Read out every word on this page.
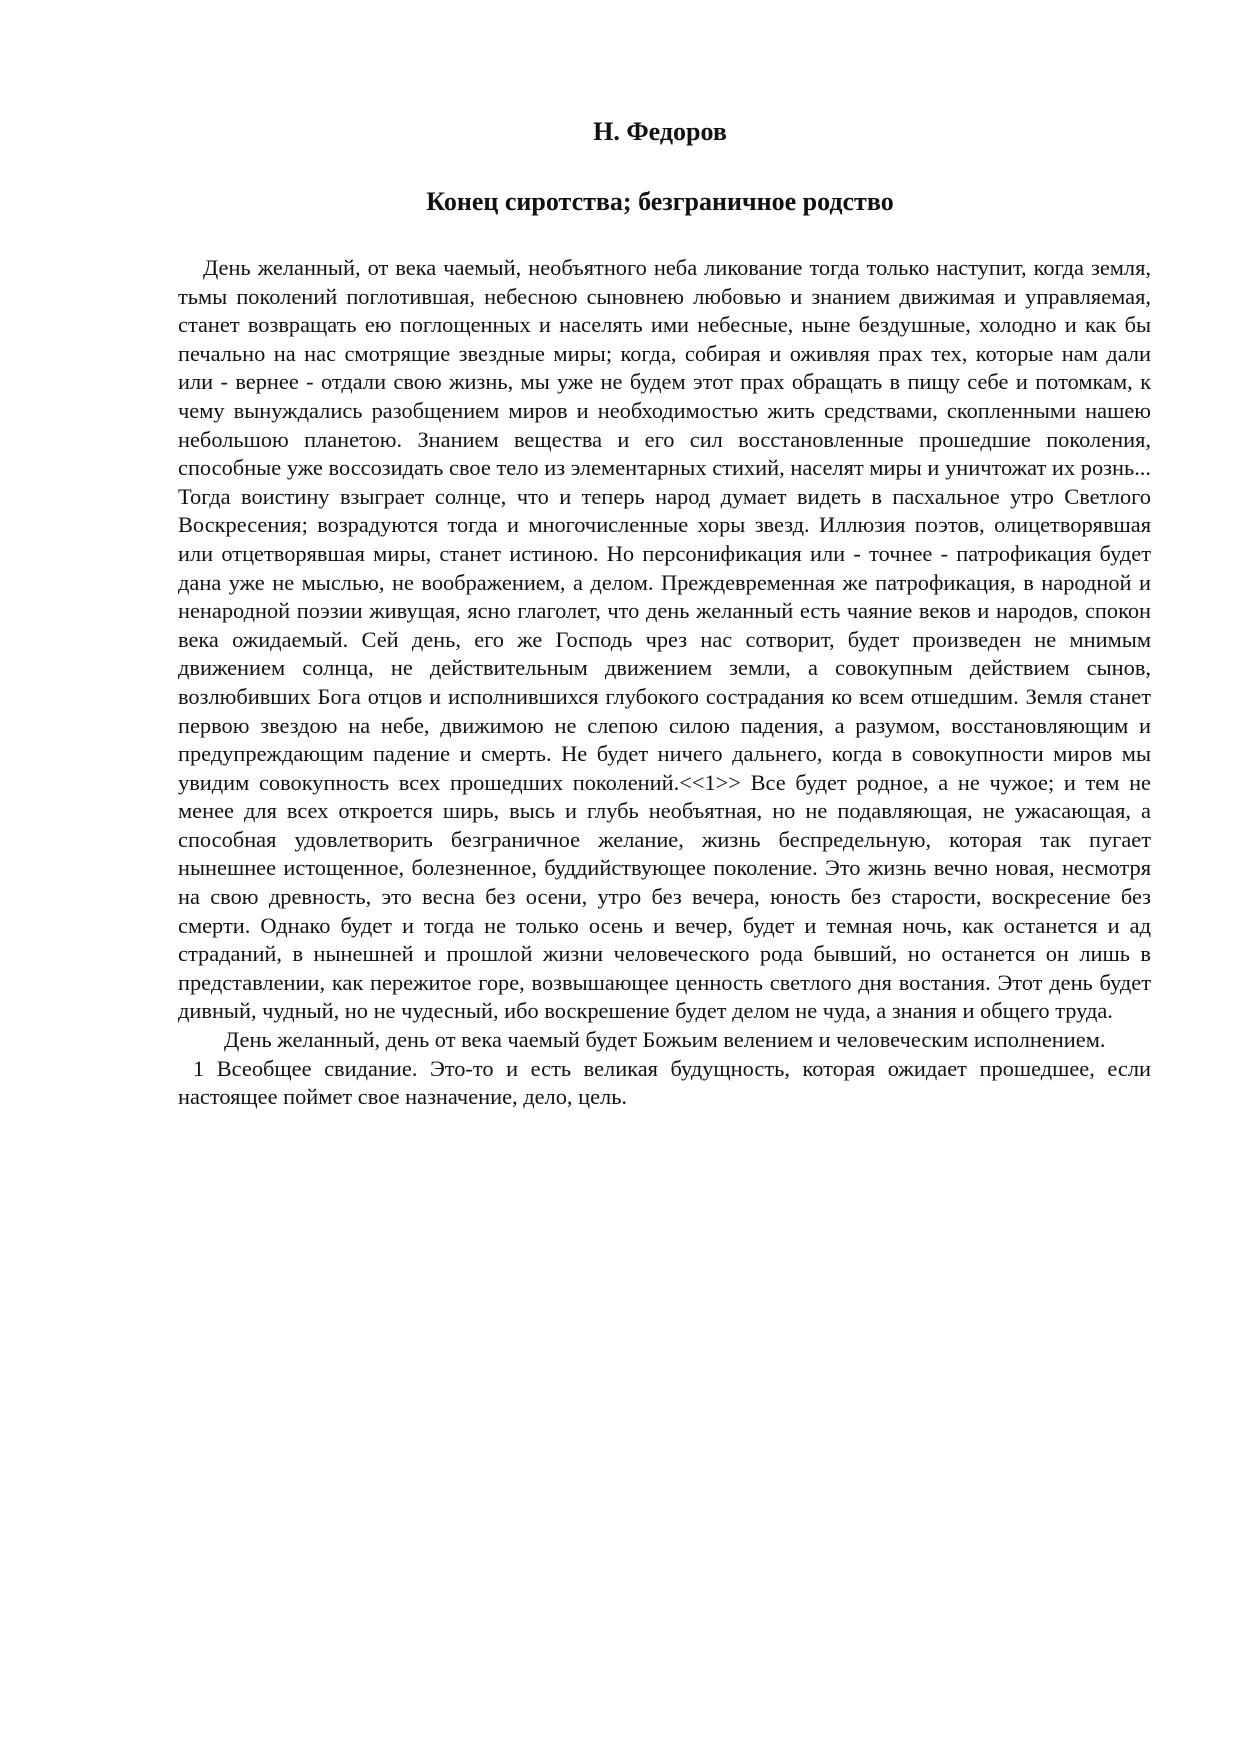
Н. Федоров
Конец сиротства; безграничное родство

День желанный, от века чаемый, необъятного неба ликование тогда только наступит, когда земля, тьмы поколений поглотившая, небесною сыновнею любовью и знанием движимая и управляемая, станет возвращать ею поглощенных и населять ими небесные, ныне бездушные, холодно и как бы печально на нас смотрящие звездные миры; когда, собирая и оживляя прах тех, которые нам дали или - вернее - отдали свою жизнь, мы уже не будем этот прах обращать в пищу себе и потомкам, к чему вынуждались разобщением миров и необходимостью жить средствами, скопленными нашею небольшою планетою. Знанием вещества и его сил восстановленные прошедшие поколения, способные уже воссозидать свое тело из элементарных стихий, населят миры и уничтожат их рознь... Тогда воистину взыграет солнце, что и теперь народ думает видеть в пасхальное утро Светлого Воскресения; возрадуются тогда и многочисленные хоры звезд. Иллюзия поэтов, олицетворявшая или отцетворявшая миры, станет истиною. Но персонификация или - точнее - патрофикация будет дана уже не мыслью, не воображением, а делом. Преждевременная же патрофикация, в народной и ненародной поэзии живущая, ясно глаголет, что день желанный есть чаяние веков и народов, спокон века ожидаемый. Сей день, его же Господь чрез нас сотворит, будет произведен не мнимым движением солнца, не действительным движением земли, а совокупным действием сынов, возлюбивших Бога отцов и исполнившихся глубокого сострадания ко всем отшедшим. Земля станет первою звездою на небе, движимою не слепою силою падения, а разумом, восстановляющим и предупреждающим падение и смерть. Не будет ничего дальнего, когда в совокупности миров мы увидим совокупность всех прошедших поколений.<<1>> Все будет родное, а не чужое; и тем не менее для всех откроется ширь, высь и глубь необъятная, но не подавляющая, не ужасающая, а способная удовлетворить безграничное желание, жизнь беспредельную, которая так пугает нынешнее истощенное, болезненное, буддийствующее поколение. Это жизнь вечно новая, несмотря на свою древность, это весна без осени, утро без вечера, юность без старости, воскресение без смерти. Однако будет и тогда не только осень и вечер, будет и темная ночь, как останется и ад страданий, в нынешней и прошлой жизни человеческого рода бывший, но останется он лишь в представлении, как пережитое горе, возвышающее ценность светлого дня востания. Этот день будет дивный, чудный, но не чудесный, ибо воскрешение будет делом не чуда, а знания и общего труда.

День желанный, день от века чаемый будет Божьим велением и человеческим исполнением.

1 Всеобщее свидание. Это-то и есть великая будущность, которая ожидает прошедшее, если настоящее поймет свое назначение, дело, цель.
